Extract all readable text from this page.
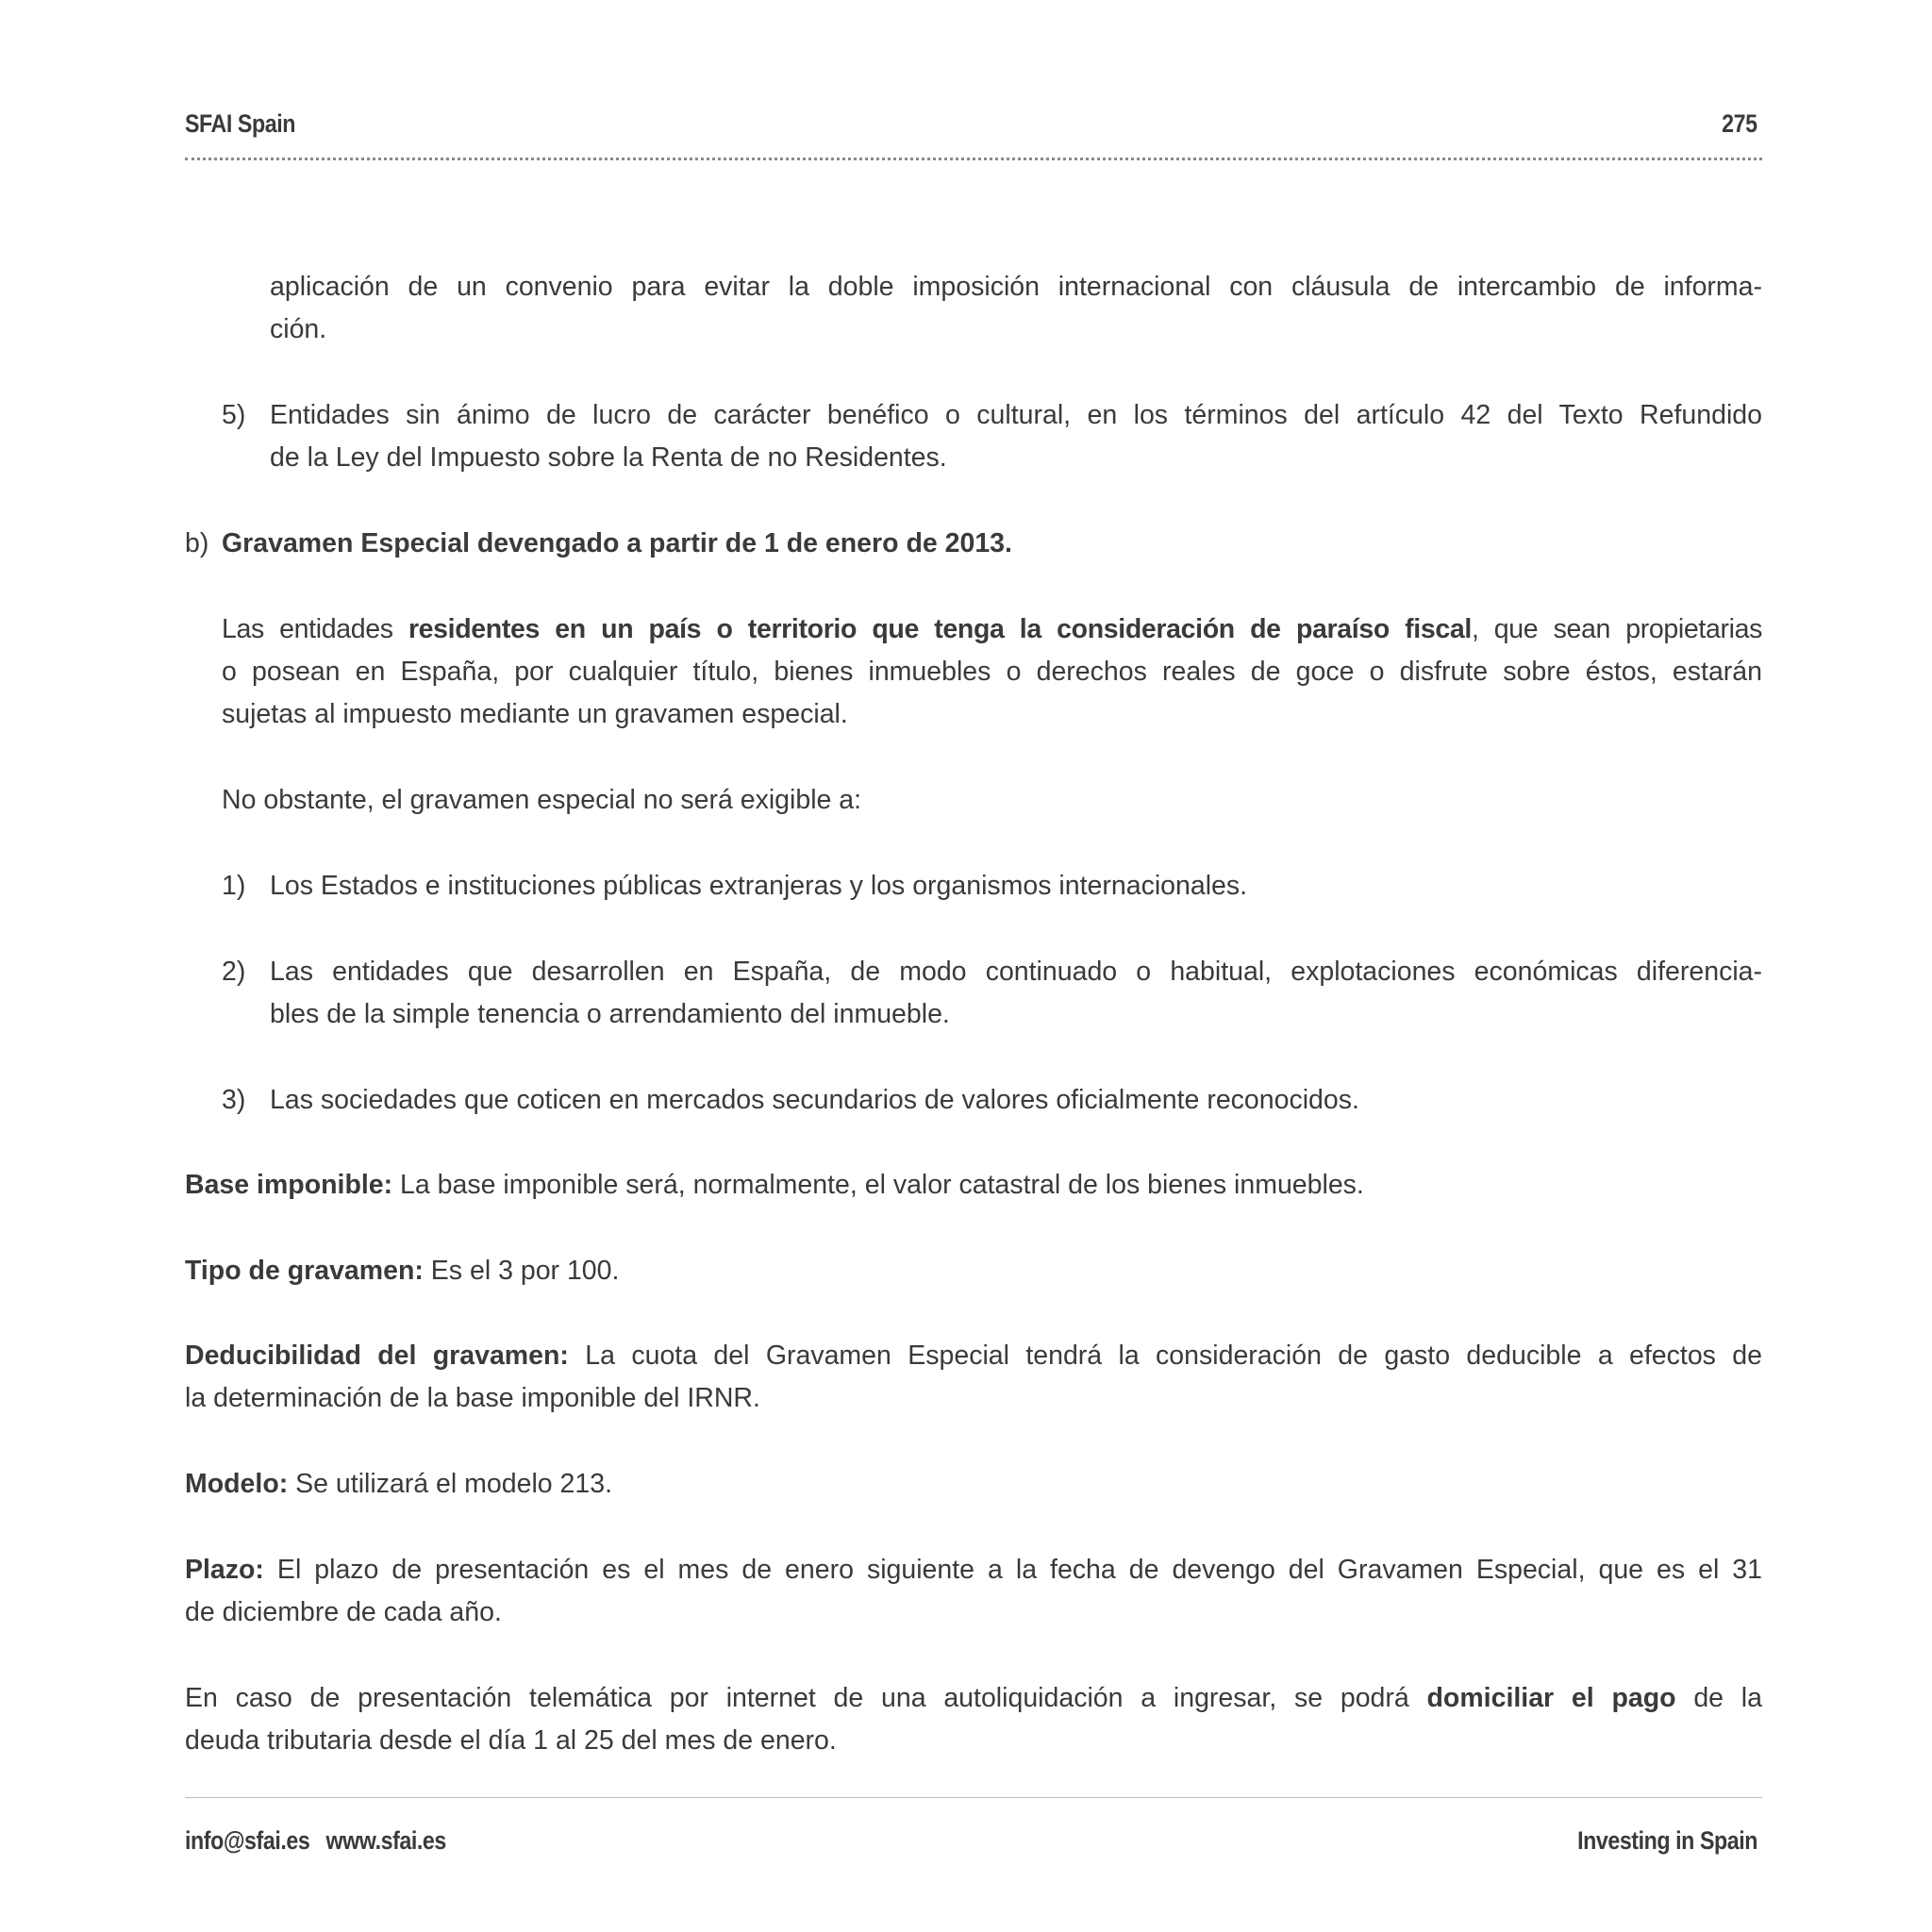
SFAI Spain	275
aplicación de un convenio para evitar la doble imposición internacional con cláusula de intercambio de informa-
ción.
5) Entidades sin ánimo de lucro de carácter benéfico o cultural, en los términos del artículo 42 del Texto Refundido
de la Ley del Impuesto sobre la Renta de no Residentes.
b) Gravamen Especial devengado a partir de 1 de enero de 2013.
Las entidades residentes en un país o territorio que tenga la consideración de paraíso fiscal, que sean propietarias
o posean en España, por cualquier título, bienes inmuebles o derechos reales de goce o disfrute sobre éstos, estarán
sujetas al impuesto mediante un gravamen especial.
No obstante, el gravamen especial no será exigible a:
1) Los Estados e instituciones públicas extranjeras y los organismos internacionales.
2) Las entidades que desarrollen en España, de modo continuado o habitual, explotaciones económicas diferencia-
bles de la simple tenencia o arrendamiento del inmueble.
3) Las sociedades que coticen en mercados secundarios de valores oficialmente reconocidos.
Base imponible: La base imponible será, normalmente, el valor catastral de los bienes inmuebles.
Tipo de gravamen: Es el 3 por 100.
Deducibilidad del gravamen: La cuota del Gravamen Especial tendrá la consideración de gasto deducible a efectos de
la determinación de la base imponible del IRNR.
Modelo: Se utilizará el modelo 213.
Plazo: El plazo de presentación es el mes de enero siguiente a la fecha de devengo del Gravamen Especial, que es el 31
de diciembre de cada año.
En caso de presentación telemática por internet de una autoliquidación a ingresar, se podrá domiciliar el pago de la
deuda tributaria desde el día 1 al 25 del mes de enero.
info@sfai.es www.sfai.es	Investing in Spain
